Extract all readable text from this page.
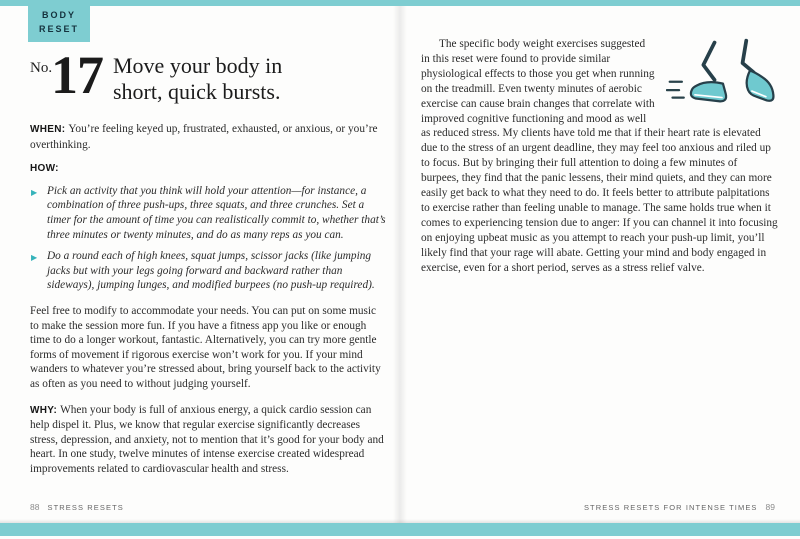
BODY
RESET
No.
17 Move your body in short, quick bursts.
WHEN: You’re feeling keyed up, frustrated, exhausted, or anxious, or you’re overthinking.
HOW:
▶ Pick an activity that you think will hold your attention—for instance, a combination of three push-ups, three squats, and three crunches. Set a timer for the amount of time you can realistically commit to, whether that’s three minutes or twenty minutes, and do as many reps as you can.
▶ Do a round each of high knees, squat jumps, scissor jacks (like jumping jacks but with your legs going forward and backward rather than sideways), jumping lunges, and modified burpees (no push-up required).
Feel free to modify to accommodate your needs. You can put on some music to make the session more fun. If you have a fitness app you like or enough time to do a longer workout, fantastic. Alternatively, you can try more gentle forms of movement if rigorous exercise won’t work for you. If your mind wanders to whatever you’re stressed about, bring yourself back to the activity as often as you need to without judging yourself.
WHY: When your body is full of anxious energy, a quick cardio session can help dispel it. Plus, we know that regular exercise significantly decreases stress, depression, and anxiety, not to mention that it’s good for your body and heart. In one study, twelve minutes of intense exercise created widespread improvements related to cardiovascular health and stress.
The specific body weight exercises suggested in this reset were found to provide similar physiological effects to those you get when running on the treadmill. Even twenty minutes of aerobic exercise can cause brain changes that correlate with improved cognitive functioning and mood as well as reduced stress. My clients have told me that if their heart rate is elevated due to the stress of an urgent deadline, they may feel too anxious and riled up to focus. But by bringing their full attention to doing a few minutes of burpees, they find that the panic lessens, their mind quiets, and they can more easily get back to what they need to do. It feels better to attribute palpitations to exercise rather than feeling unable to manage. The same holds true when it comes to experiencing tension due to anger: If you can channel it into focusing on enjoying upbeat music as you attempt to reach your push-up limit, you’ll likely find that your rage will abate. Getting your mind and body engaged in exercise, even for a short period, serves as a stress relief valve.
88 STRESS RESETS	STRESS RESETS FOR INTENSE TIMES 89
